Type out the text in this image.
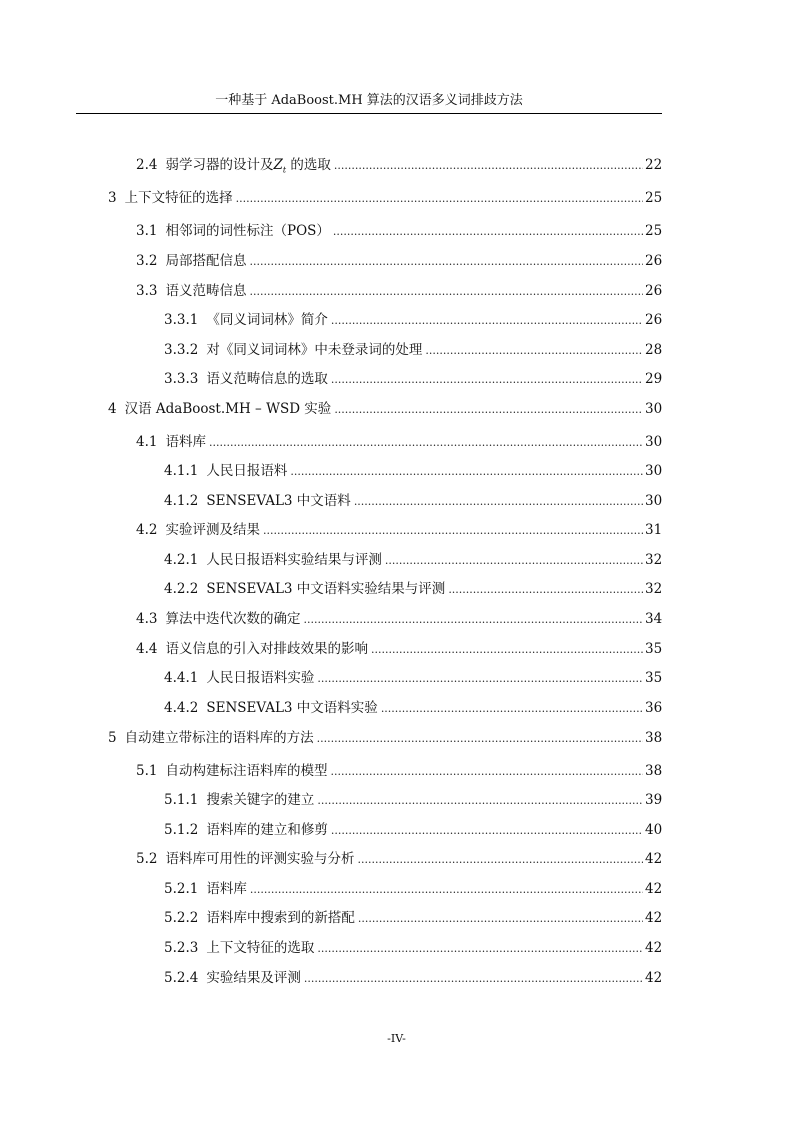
一种基于 AdaBoost.MH 算法的汉语多义词排歧方法
2.4 弱学习器的设计及$Z_t$ 的选取 .....	22
3 上下文特征的选择 .....	25
3.1 相邻词的词性标注（POS） .....	25
3.2 局部搭配信息 .....	26
3.3 语义范畴信息 .....	26
3.3.1 《同义词词林》简介 .....	26
3.3.2 对《同义词词林》中未登录词的处理 .....	28
3.3.3 语义范畴信息的选取 .....	29
4 汉语 AdaBoost.MH – WSD 实验 .....	30
4.1 语料库 .....	30
4.1.1 人民日报语料 .....	30
4.1.2 SENSEVAL3 中文语料 .....	30
4.2 实验评测及结果 .....	31
4.2.1 人民日报语料实验结果与评测 .....	32
4.2.2 SENSEVAL3 中文语料实验结果与评测 .....	32
4.3 算法中迭代次数的确定 .....	34
4.4 语义信息的引入对排歧效果的影响 .....	35
4.4.1 人民日报语料实验 .....	35
4.4.2 SENSEVAL3 中文语料实验 .....	36
5 自动建立带标注的语料库的方法 .....	38
5.1 自动构建标注语料库的模型 .....	38
5.1.1 搜索关键字的建立 .....	39
5.1.2 语料库的建立和修剪 .....	40
5.2 语料库可用性的评测实验与分析 .....	42
5.2.1 语料库 .....	42
5.2.2 语料库中搜索到的新搭配 .....	42
5.2.3 上下文特征的选取 .....	42
5.2.4 实验结果及评测 .....	42
-IV-
